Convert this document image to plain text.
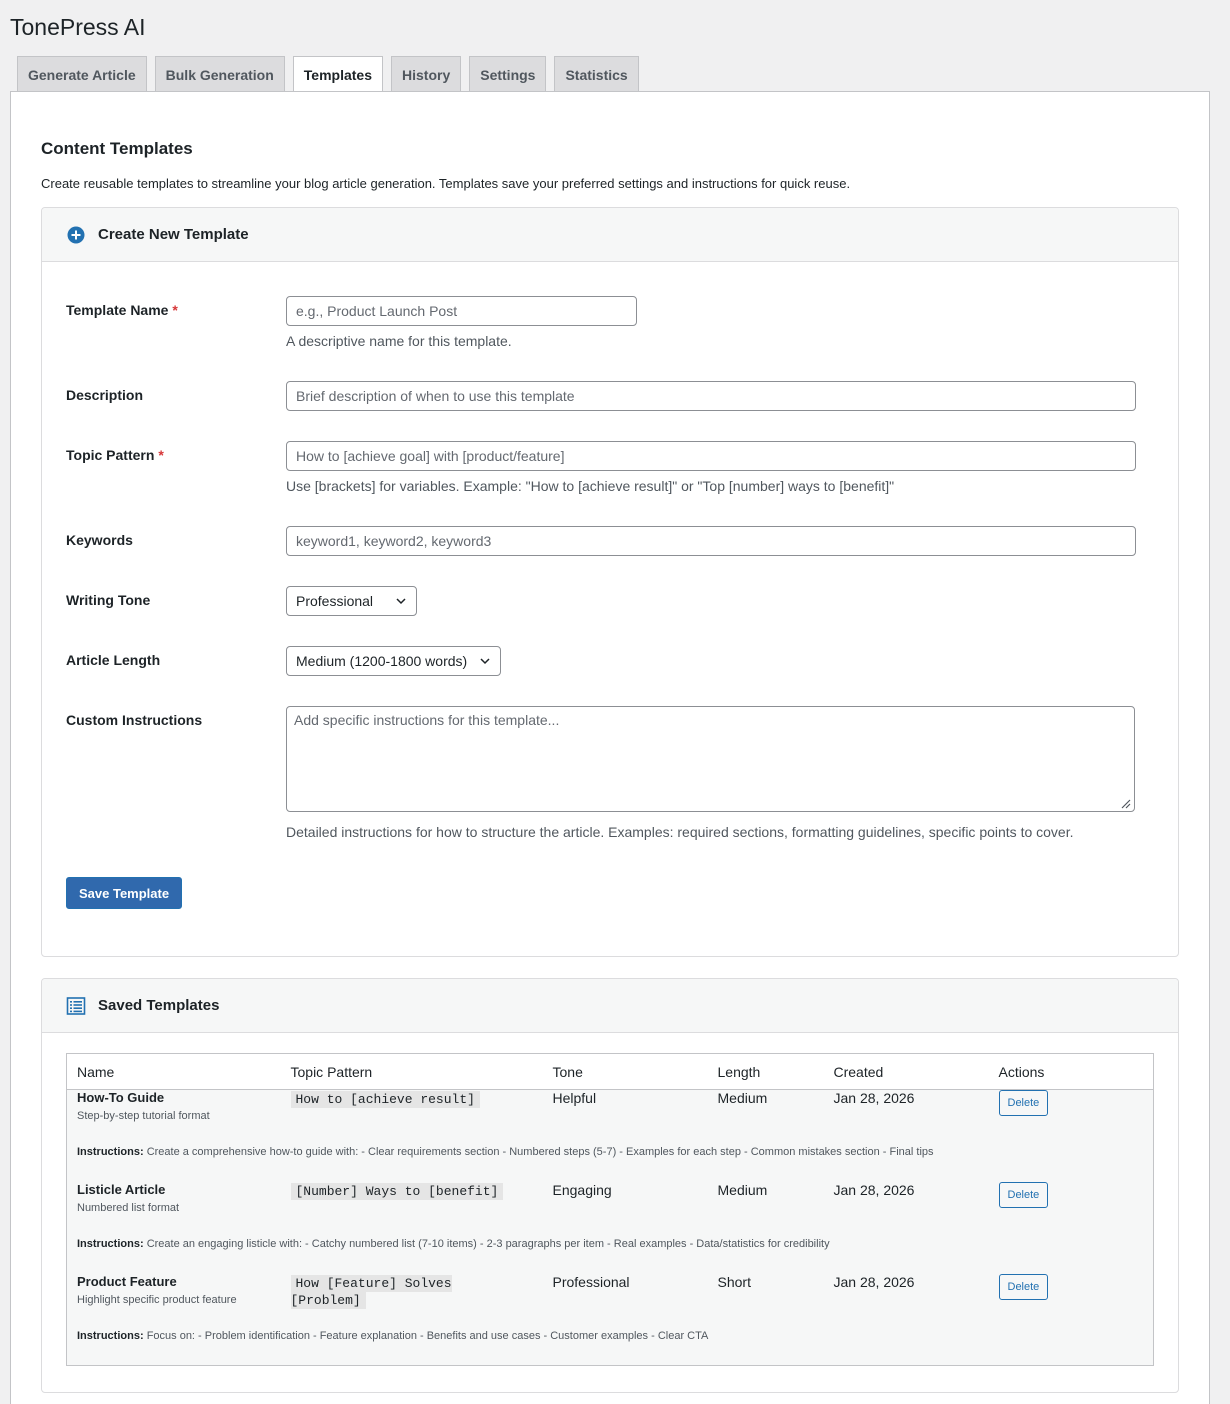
TonePress AI
Generate Article	Bulk Generation	Templates	History	Settings	Statistics
Content Templates
Create reusable templates to streamline your blog article generation. Templates save your preferred settings and instructions for quick reuse.
Create New Template
Template Name *	e.g., Product Launch Post
A descriptive name for this template.
Description	Brief description of when to use this template
Topic Pattern *	How to [achieve goal] with [product/feature]
Use [brackets] for variables. Example: "How to [achieve result]" or "Top [number] ways to [benefit]"
Keywords	keyword1, keyword2, keyword3
Writing Tone	Professional
Article Length	Medium (1200-1800 words)
Custom Instructions	Add specific instructions for this template...
Detailed instructions for how to structure the article. Examples: required sections, formatting guidelines, specific points to cover.
Save Template
Saved Templates
Name	Topic Pattern	Tone	Length	Created	Actions

How-To Guide
Step-by-step tutorial format	How to [achieve result]	Helpful	Medium	Jan 28, 2026	Delete
Instructions: Create a comprehensive how-to guide with: - Clear requirements section - Numbered steps (5-7) - Examples for each step - Common mistakes section - Final tips					

Listicle Article
Numbered list format	[Number] Ways to [benefit]	Engaging	Medium	Jan 28, 2026	Delete
Instructions: Create an engaging listicle with: - Catchy numbered list (7-10 items) - 2-3 paragraphs per item - Real examples - Data/statistics for credibility					

Product Feature
Highlight specific product feature	How [Feature] Solves [Problem]	Professional	Short	Jan 28, 2026	Delete
Instructions: Focus on: - Problem identification - Feature explanation - Benefits and use cases - Customer examples - Clear CTA					
